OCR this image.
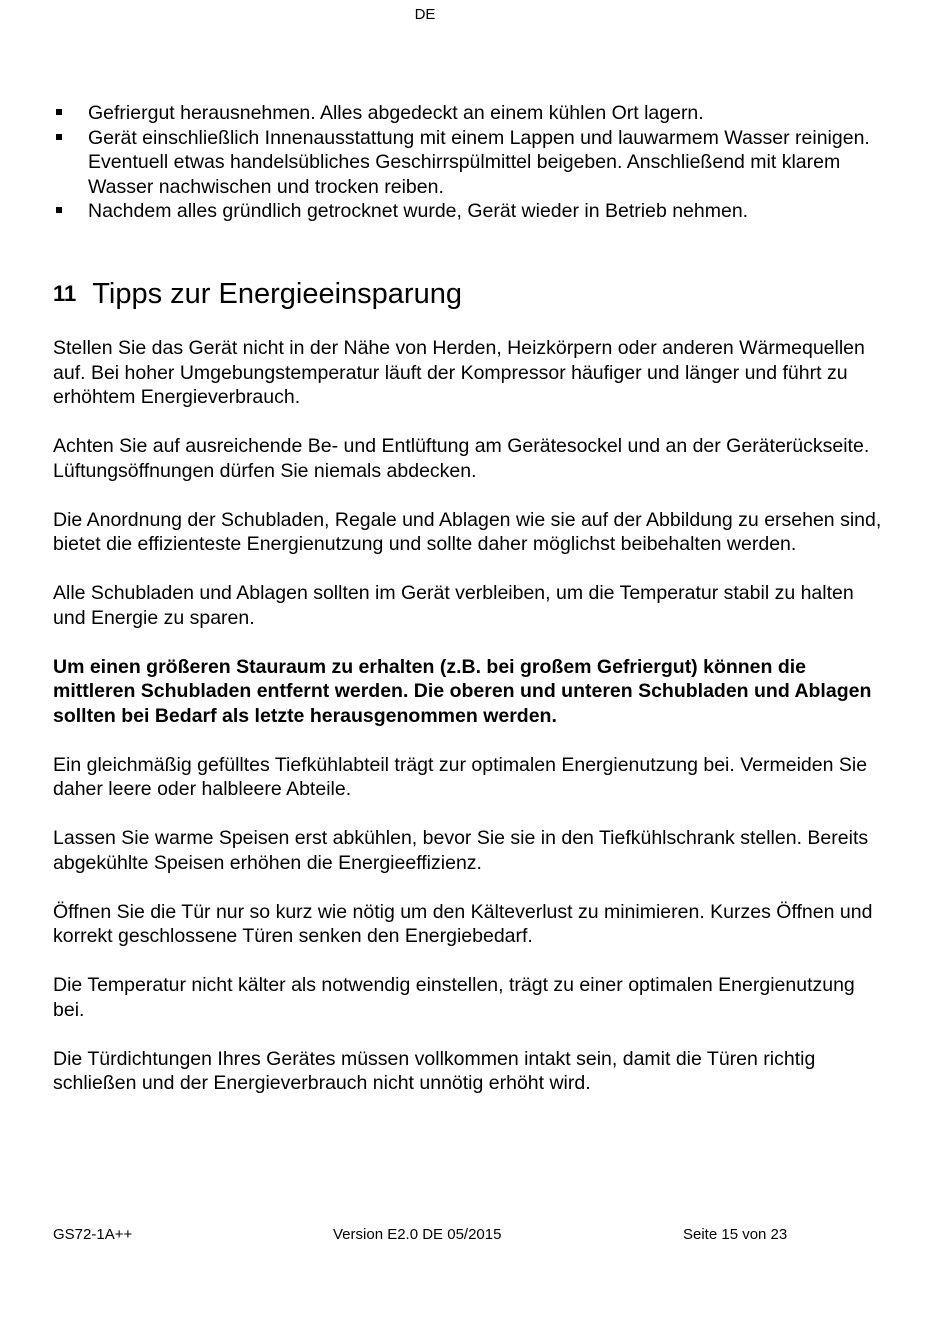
DE
Gefriergut herausnehmen. Alles abgedeckt an einem kühlen Ort lagern.
Gerät einschließlich Innenausstattung mit einem Lappen und lauwarmem Wasser reinigen. Eventuell etwas handelsübliches Geschirrspülmittel beigeben. Anschließend mit klarem Wasser nachwischen und trocken reiben.
Nachdem alles gründlich getrocknet wurde, Gerät wieder in Betrieb nehmen.
11 Tipps zur Energieeinsparung

Stellen Sie das Gerät nicht in der Nähe von Herden, Heizkörpern oder anderen Wärmequellen auf. Bei hoher Umgebungstemperatur läuft der Kompressor häufiger und länger und führt zu erhöhtem Energieverbrauch.

Achten Sie auf ausreichende Be- und Entlüftung am Gerätesockel und an der Geräterückseite. Lüftungsöffnungen dürfen Sie niemals abdecken.

Die Anordnung der Schubladen, Regale und Ablagen wie sie auf der Abbildung zu ersehen sind, bietet die effizienteste Energienutzung und sollte daher möglichst beibehalten werden.

Alle Schubladen und Ablagen sollten im Gerät verbleiben, um die Temperatur stabil zu halten und Energie zu sparen.

Um einen größeren Stauraum zu erhalten (z.B. bei großem Gefriergut) können die mittleren Schubladen entfernt werden. Die oberen und unteren Schubladen und Ablagen sollten bei Bedarf als letzte herausgenommen werden.

Ein gleichmäßig gefülltes Tiefkühlabteil trägt zur optimalen Energienutzung bei. Vermeiden Sie daher leere oder halbleere Abteile.

Lassen Sie warme Speisen erst abkühlen, bevor Sie sie in den Tiefkühlschrank stellen. Bereits abgekühlte Speisen erhöhen die Energieeffizienz.

Öffnen Sie die Tür nur so kurz wie nötig um den Kälteverlust zu minimieren. Kurzes Öffnen und korrekt geschlossene Türen senken den Energiebedarf.

Die Temperatur nicht kälter als notwendig einstellen, trägt zu einer optimalen Energienutzung bei.

Die Türdichtungen Ihres Gerätes müssen vollkommen intakt sein, damit die Türen richtig schließen und der Energieverbrauch nicht unnötig erhöht wird.

GS72-1A++	Version E2.0 DE 05/2015	Seite 15 von 23
